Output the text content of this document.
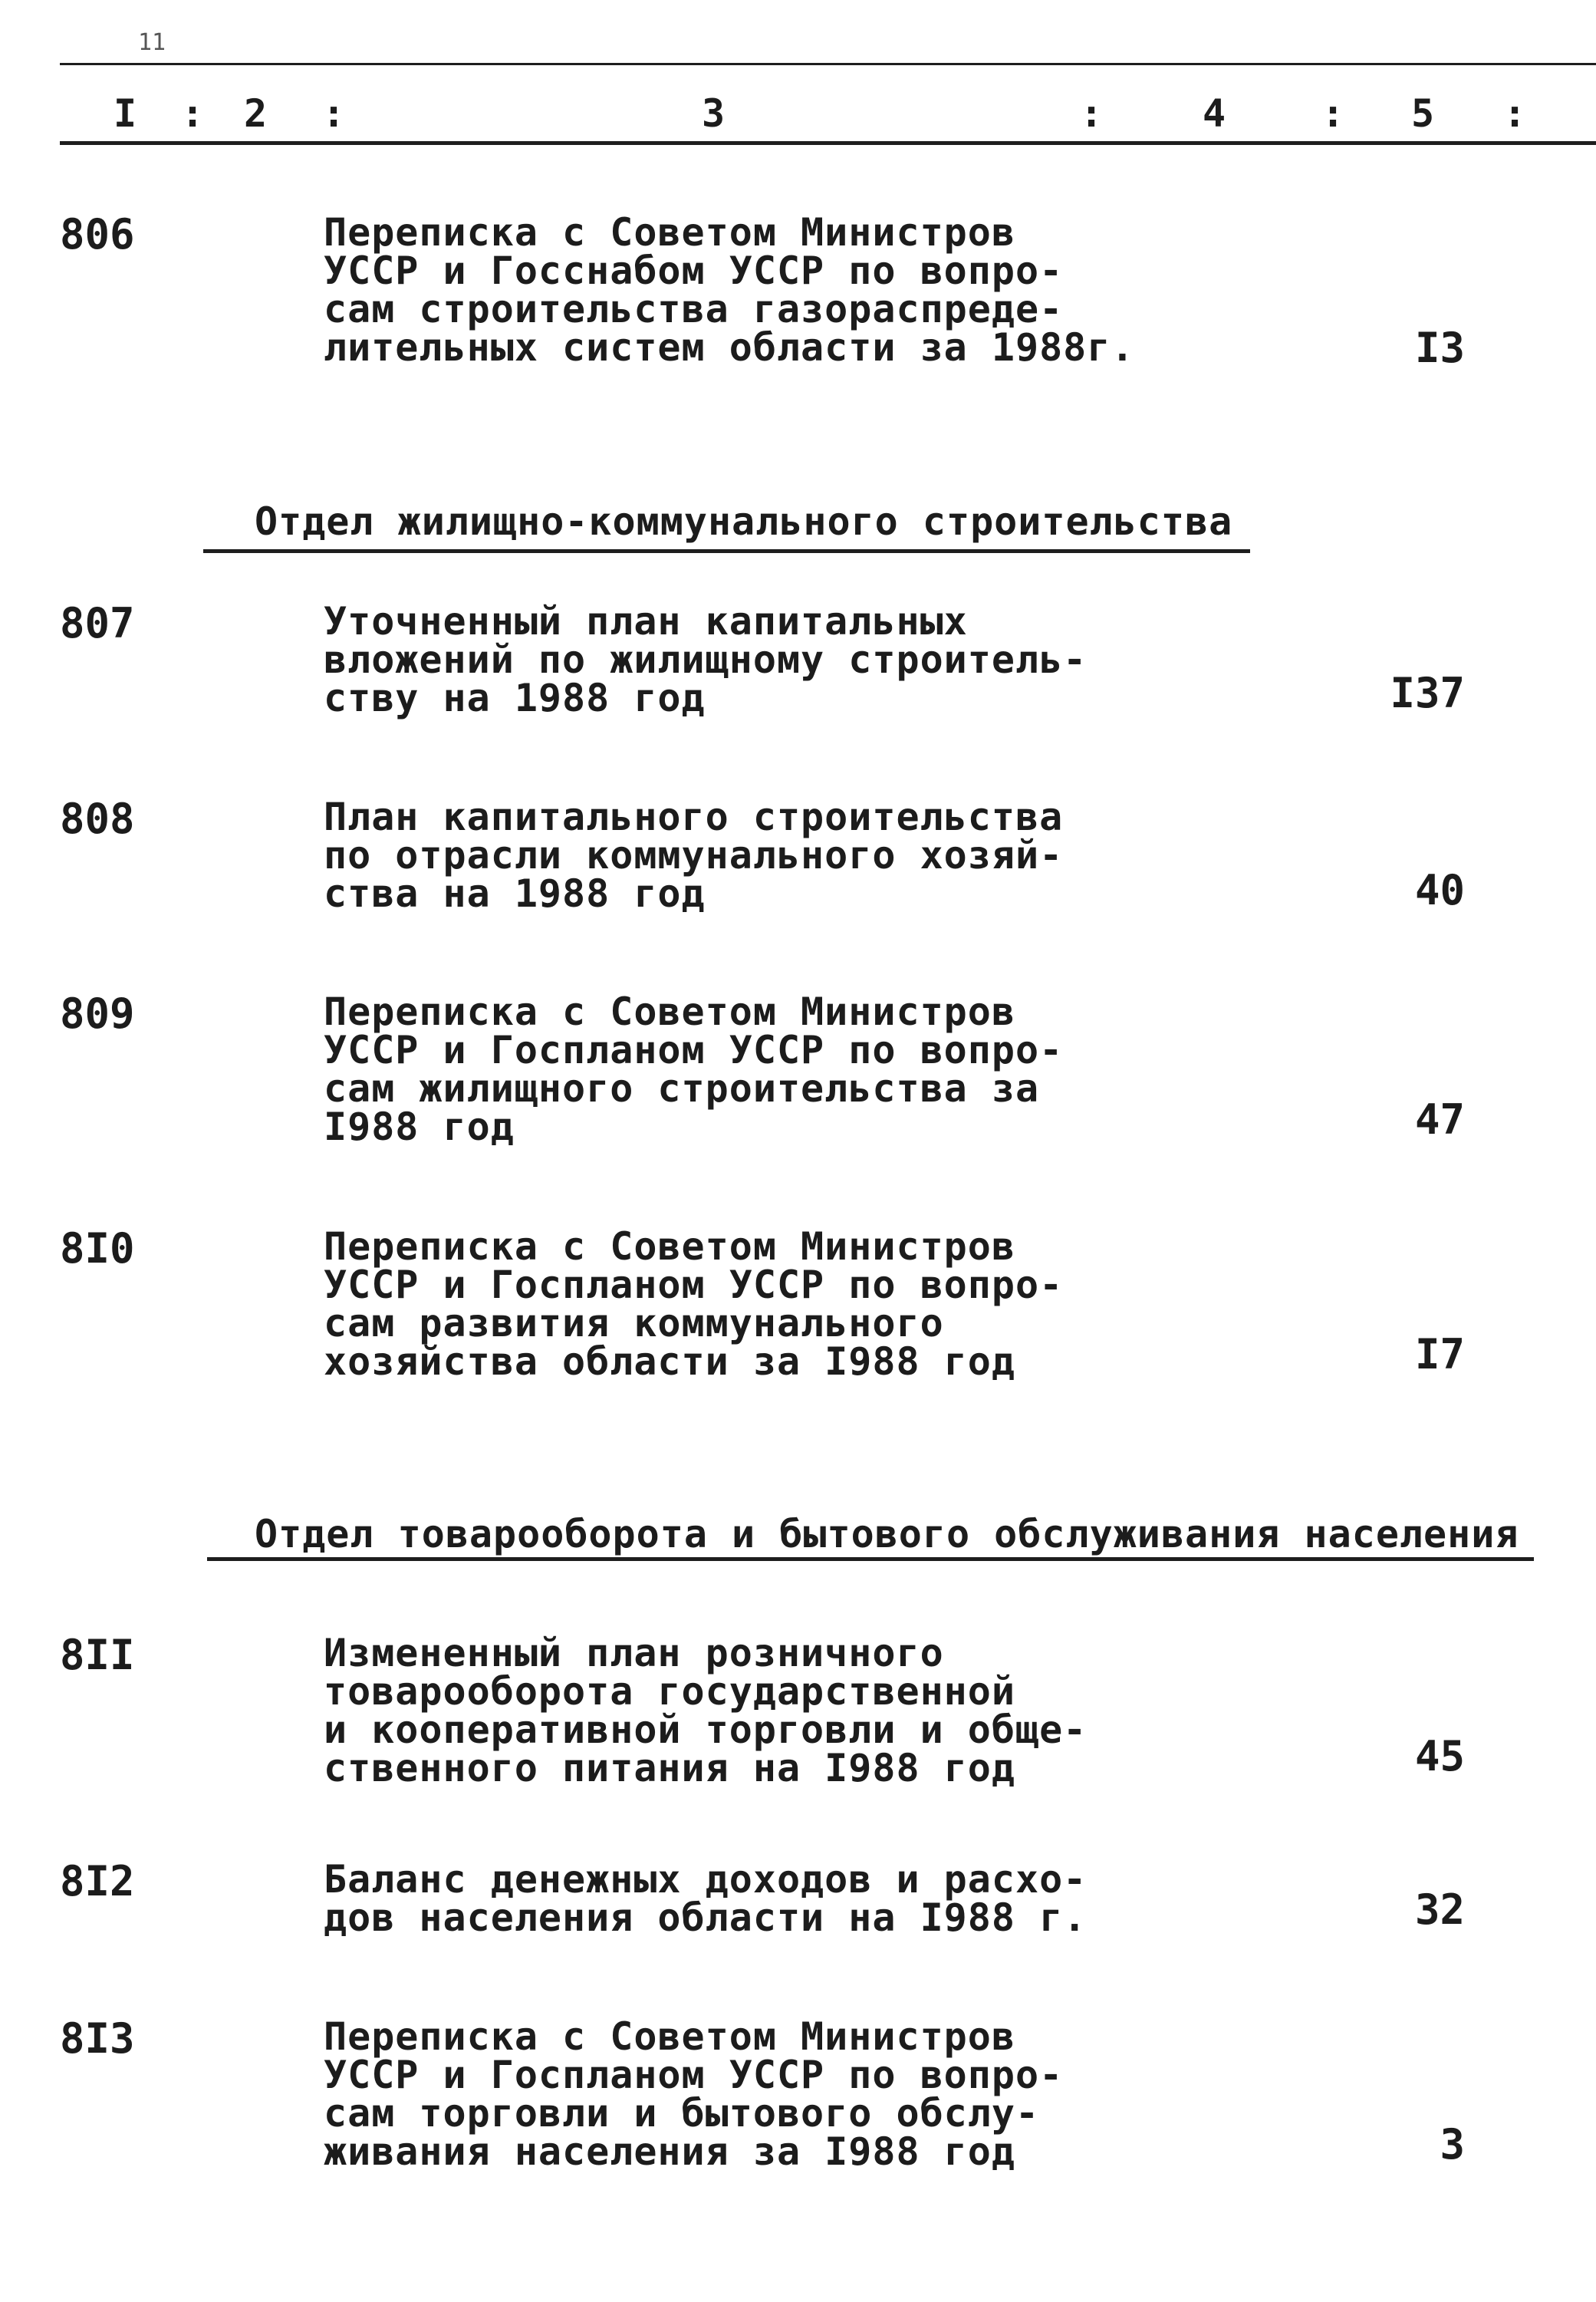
11
I : 2 :	3	:	4 : 5 :
806	Переписка с Советом Министров
УССР и Госснабом УССР по вопро-
сам строительства газораспреде-
лительных систем области за 1988г.	I3
Отдел жилищно-коммунального строительства
807	Уточненный план капитальных
вложений по жилищному строитель-
ству на 1988 год	I37
808	План капитального строительства
по отрасли коммунального хозяй-
ства на 1988 год	40
809	Переписка с Советом Министров
УССР и Госпланом УССР по вопро-
сам жилищного строительства за
I988 год	47
8I0	Переписка с Советом Министров
УССР и Госпланом УССР по вопро-
сам развития коммунального
хозяйства области за I988 год	I7
Отдел товарооборота и бытового обслуживания населения
8II	Измененный план розничного
товарооборота государственной
и кооперативной торговли и обще-
ственного питания на I988 год	45
8I2	Баланс денежных доходов и расхо-
дов населения области на I988 г.	32
8I3	Переписка с Советом Министров
УССР и Госпланом УССР по вопро-
сам торговли и бытового обслу-
живания населения за I988 год	3
